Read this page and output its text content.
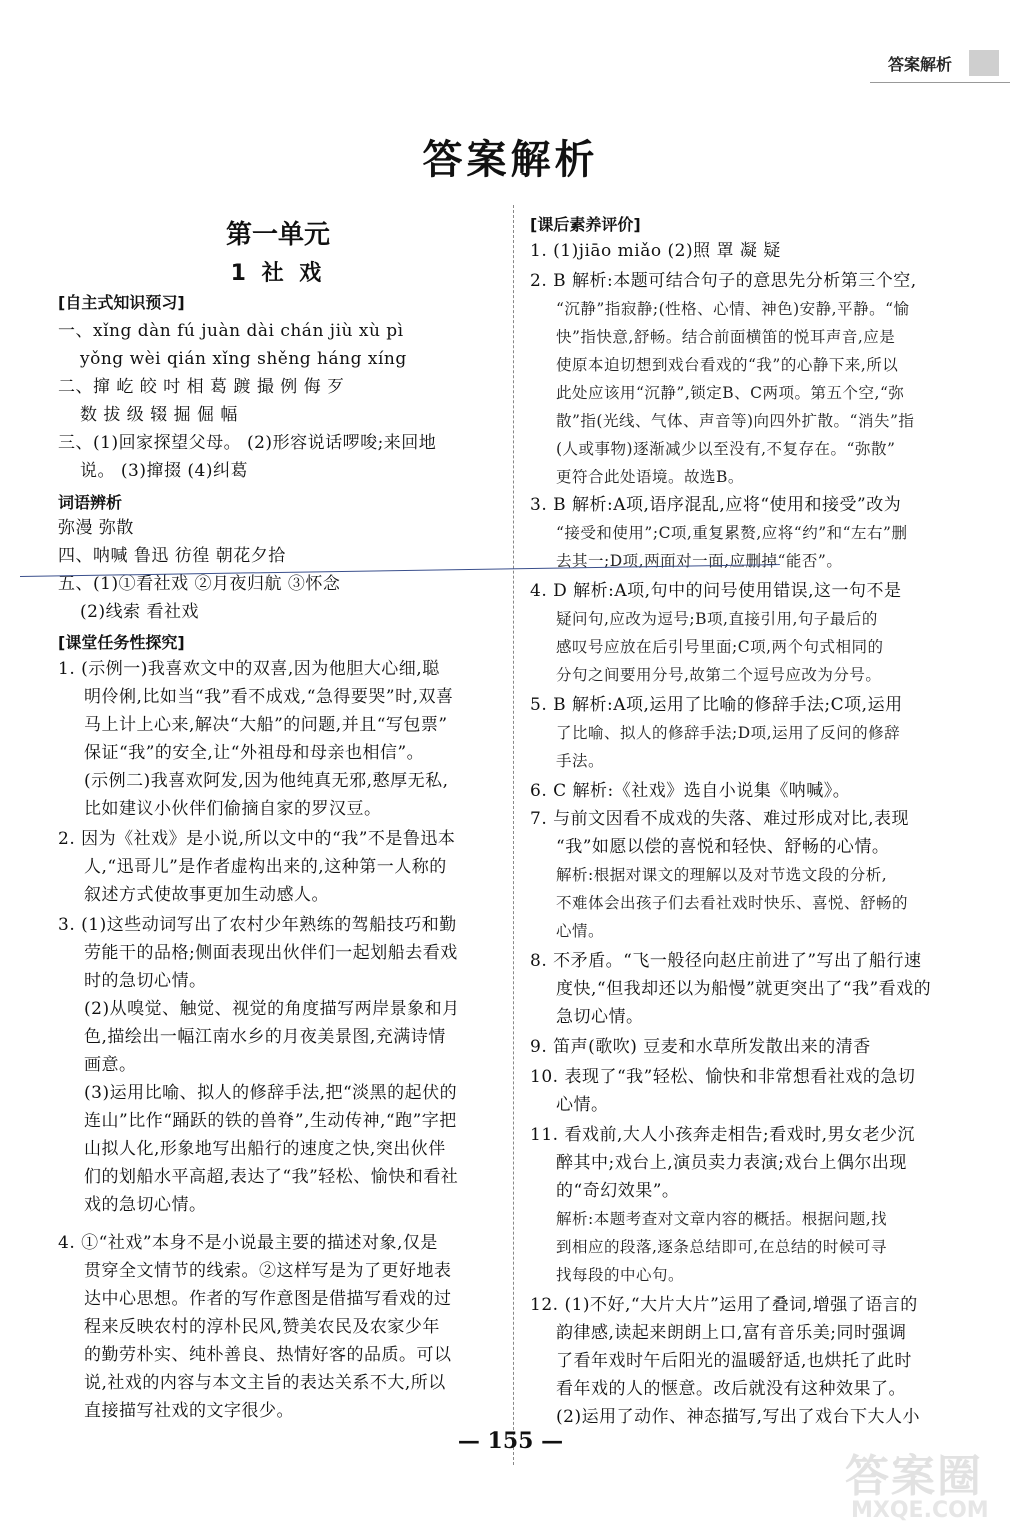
答案解析
答案解析
第一单元
1 社 戏
[自主式知识预习]
一、xǐng dàn fú juàn dài chán jiù xù pì
yǒng wèi qián xǐng shěng háng xíng
二、撺 屹 皎 吋 相 葛 踱 撮 例 侮 歹
数 拔 级 辍 掘 倔 幅
三、(1)回家探望父母。 (2)形容说话啰唆;来回地
说。 (3)撺掇 (4)纠葛
词语辨析
弥漫 弥散
四、呐喊 鲁迅 彷徨 朝花夕拾
五、(1)①看社戏 ②月夜归航 ③怀念
(2)线索 看社戏
[课堂任务性探究]
1. (示例一)我喜欢文中的双喜,因为他胆大心细,聪
明伶俐,比如当“我”看不成戏,“急得要哭”时,双喜
马上计上心来,解决“大船”的问题,并且“写包票”
保证“我”的安全,让“外祖母和母亲也相信”。
(示例二)我喜欢阿发,因为他纯真无邪,憨厚无私,
比如建议小伙伴们偷摘自家的罗汉豆。
2. 因为《社戏》是小说,所以文中的“我”不是鲁迅本
人,“迅哥儿”是作者虚构出来的,这种第一人称的
叙述方式使故事更加生动感人。
3. (1)这些动词写出了农村少年熟练的驾船技巧和勤
劳能干的品格;侧面表现出伙伴们一起划船去看戏
时的急切心情。
(2)从嗅觉、触觉、视觉的角度描写两岸景象和月
色,描绘出一幅江南水乡的月夜美景图,充满诗情
画意。
(3)运用比喻、拟人的修辞手法,把“淡黑的起伏的
连山”比作“踊跃的铁的兽脊”,生动传神,“跑”字把
山拟人化,形象地写出船行的速度之快,突出伙伴
们的划船水平高超,表达了“我”轻松、愉快和看社
戏的急切心情。
4. ①“社戏”本身不是小说最主要的描述对象,仅是
贯穿全文情节的线索。②这样写是为了更好地表
达中心思想。作者的写作意图是借描写看戏的过
程来反映农村的淳朴民风,赞美农民及农家少年
的勤劳朴实、纯朴善良、热情好客的品质。可以
说,社戏的内容与本文主旨的表达关系不大,所以
直接描写社戏的文字很少。
[课后素养评价]
1. (1)jiāo miǎo (2)照 罩 凝 疑
2. B 解析:本题可结合句子的意思先分析第三个空,
“沉静”指寂静;(性格、心情、神色)安静,平静。“愉
快”指快意,舒畅。结合前面横笛的悦耳声音,应是
使原本迫切想到戏台看戏的“我”的心静下来,所以
此处应该用“沉静”,锁定B、C两项。第五个空,“弥
散”指(光线、气体、声音等)向四外扩散。“消失”指
(人或事物)逐渐减少以至没有,不复存在。“弥散”
更符合此处语境。故选B。
3. B 解析:A项,语序混乱,应将“使用和接受”改为
“接受和使用”;C项,重复累赘,应将“约”和“左右”删
去其一;D项,两面对一面,应删掉“能否”。
4. D 解析:A项,句中的问号使用错误,这一句不是
疑问句,应改为逗号;B项,直接引用,句子最后的
感叹号应放在后引号里面;C项,两个句式相同的
分句之间要用分号,故第二个逗号应改为分号。
5. B 解析:A项,运用了比喻的修辞手法;C项,运用
了比喻、拟人的修辞手法;D项,运用了反问的修辞
手法。
6. C 解析:《社戏》选自小说集《呐喊》。
7. 与前文因看不成戏的失落、难过形成对比,表现
“我”如愿以偿的喜悦和轻快、舒畅的心情。
解析:根据对课文的理解以及对节选文段的分析,
不难体会出孩子们去看社戏时快乐、喜悦、舒畅的
心情。
8. 不矛盾。“飞一般径向赵庄前进了”写出了船行速
度快,“但我却还以为船慢”就更突出了“我”看戏的
急切心情。
9. 笛声(歌吹) 豆麦和水草所发散出来的清香
10. 表现了“我”轻松、愉快和非常想看社戏的急切
心情。
11. 看戏前,大人小孩奔走相告;看戏时,男女老少沉
醉其中;戏台上,演员卖力表演;戏台上偶尔出现
的“奇幻效果”。
解析:本题考查对文章内容的概括。根据问题,找
到相应的段落,逐条总结即可,在总结的时候可寻
找每段的中心句。
12. (1)不好,“大片大片”运用了叠词,增强了语言的
韵律感,读起来朗朗上口,富有音乐美;同时强调
了看年戏时午后阳光的温暖舒适,也烘托了此时
看年戏的人的惬意。改后就没有这种效果了。
(2)运用了动作、神态描写,写出了戏台下大人小
— 155 —
答案圈
MXQE.COM
